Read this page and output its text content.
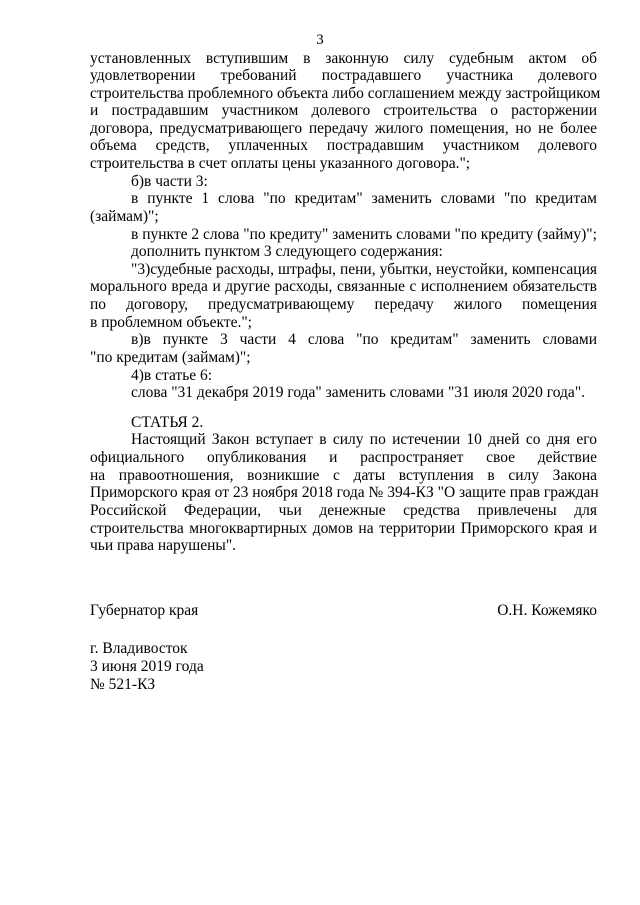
3
установленных вступившим в законную силу судебным актом об
удовлетворении требований пострадавшего участника долевого
строительства проблемного объекта либо соглашением между застройщиком
и пострадавшим участником долевого строительства о расторжении
договора, предусматривающего передачу жилого помещения, но не более
объема средств, уплаченных пострадавшим участником долевого
строительства в счет оплаты цены указанного договора.";
б)в части 3:
в пункте 1 слова "по кредитам" заменить словами "по кредитам
(займам)";
в пункте 2 слова "по кредиту" заменить словами "по кредиту (займу)";
дополнить пунктом 3 следующего содержания:
"3)судебные расходы, штрафы, пени, убытки, неустойки, компенсация
морального вреда и другие расходы, связанные с исполнением обязательств
по договору, предусматривающему передачу жилого помещения
в проблемном объекте.";
в)в пункте 3 части 4 слова "по кредитам" заменить словами
"по кредитам (займам)";
4)в статье 6:
слова "31 декабря 2019 года" заменить словами "31 июля 2020 года".
СТАТЬЯ 2.
Настоящий Закон вступает в силу по истечении 10 дней со дня его
официального опубликования и распространяет свое действие
на правоотношения, возникшие с даты вступления в силу Закона
Приморского края от 23 ноября 2018 года № 394-КЗ "О защите прав граждан
Российской Федерации, чьи денежные средства привлечены для
строительства многоквартирных домов на территории Приморского края и
чьи права нарушены".
Губернатор края	О.Н. Кожемяко
г. Владивосток
3 июня 2019 года
№ 521-КЗ
